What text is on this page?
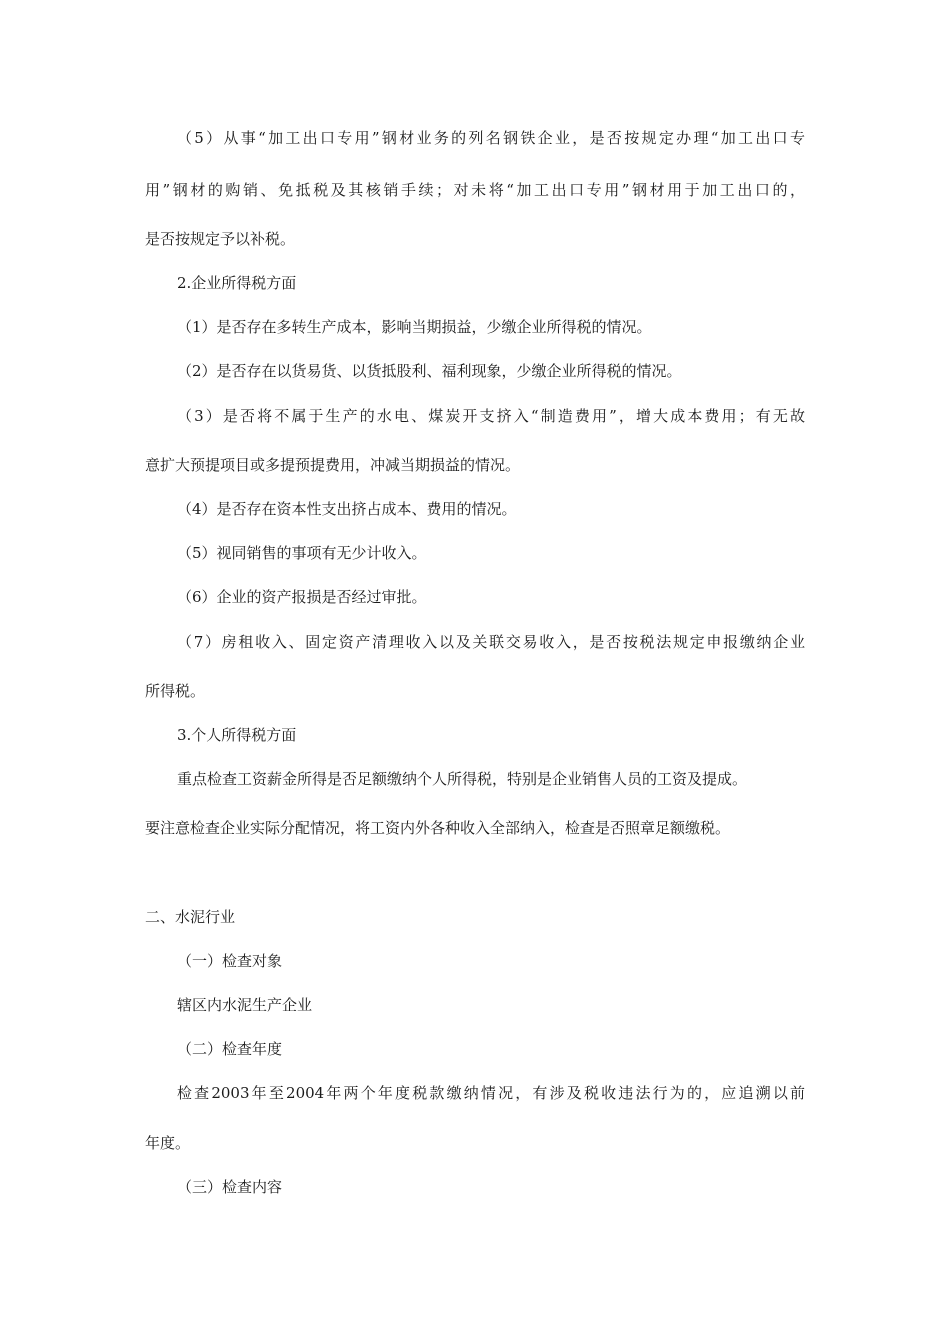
（5）从事“加工出口专用”钢材业务的列名钢铁企业，是否按规定办理“加工出口专
用”钢材的购销、免抵税及其核销手续；对未将“加工出口专用”钢材用于加工出口的，
是否按规定予以补税。
2.企业所得税方面
（1）是否存在多转生产成本，影响当期损益，少缴企业所得税的情况。
（2）是否存在以货易货、以货抵股利、福利现象，少缴企业所得税的情况。
（3）是否将不属于生产的水电、煤炭开支挤入“制造费用”，增大成本费用；有无故
意扩大预提项目或多提预提费用，冲减当期损益的情况。
（4）是否存在资本性支出挤占成本、费用的情况。
（5）视同销售的事项有无少计收入。
（6）企业的资产报损是否经过审批。
（7）房租收入、固定资产清理收入以及关联交易收入，是否按税法规定申报缴纳企业
所得税。
3.个人所得税方面
重点检查工资薪金所得是否足额缴纳个人所得税，特别是企业销售人员的工资及提成。
要注意检查企业实际分配情况，将工资内外各种收入全部纳入，检查是否照章足额缴税。
二、水泥行业
（一）检查对象
辖区内水泥生产企业
（二）检查年度
检查2003年至2004年两个年度税款缴纳情况，有涉及税收违法行为的，应追溯以前
年度。
（三）检查内容
